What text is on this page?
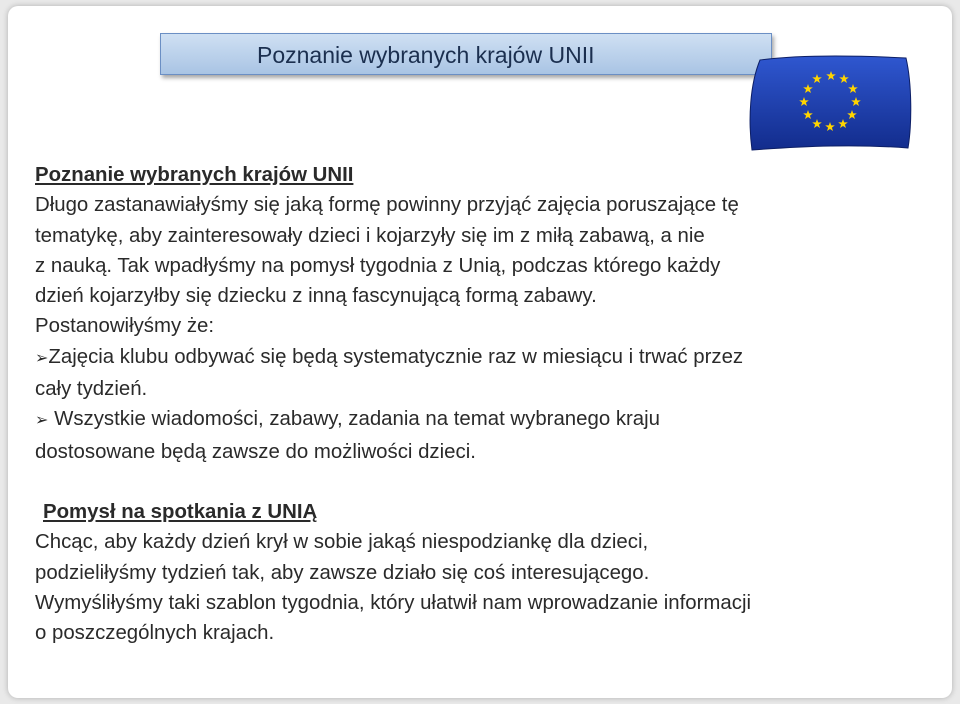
Poznanie wybranych krajów UNII

Poznanie wybranych krajów UNII

Długo zastanawiałyśmy się jaką formę powinny przyjąć zajęcia poruszające tę

tematykę, aby zainteresowały dzieci i kojarzyły się im z miłą zabawą, a nie

z nauką. Tak wpadłyśmy na pomysł tygodnia z Unią, podczas którego każdy

dzień kojarzyłby się dziecku z inną fascynującą formą zabawy.

Postanowiłyśmy że:

➢Zajęcia klubu odbywać się będą systematycznie raz w miesiącu i trwać przez

cały tydzień.

➢ Wszystkie wiadomości, zabawy, zadania na temat wybranego kraju

dostosowane będą zawsze do możliwości dzieci.

Pomysł na spotkania z UNIĄ

Chcąc, aby każdy dzień krył w sobie jakąś niespodziankę dla dzieci,

podzieliłyśmy tydzień tak, aby zawsze działo się coś interesującego.

Wymyśliłyśmy taki szablon tygodnia, który ułatwił nam wprowadzanie informacji

o poszczególnych krajach.
